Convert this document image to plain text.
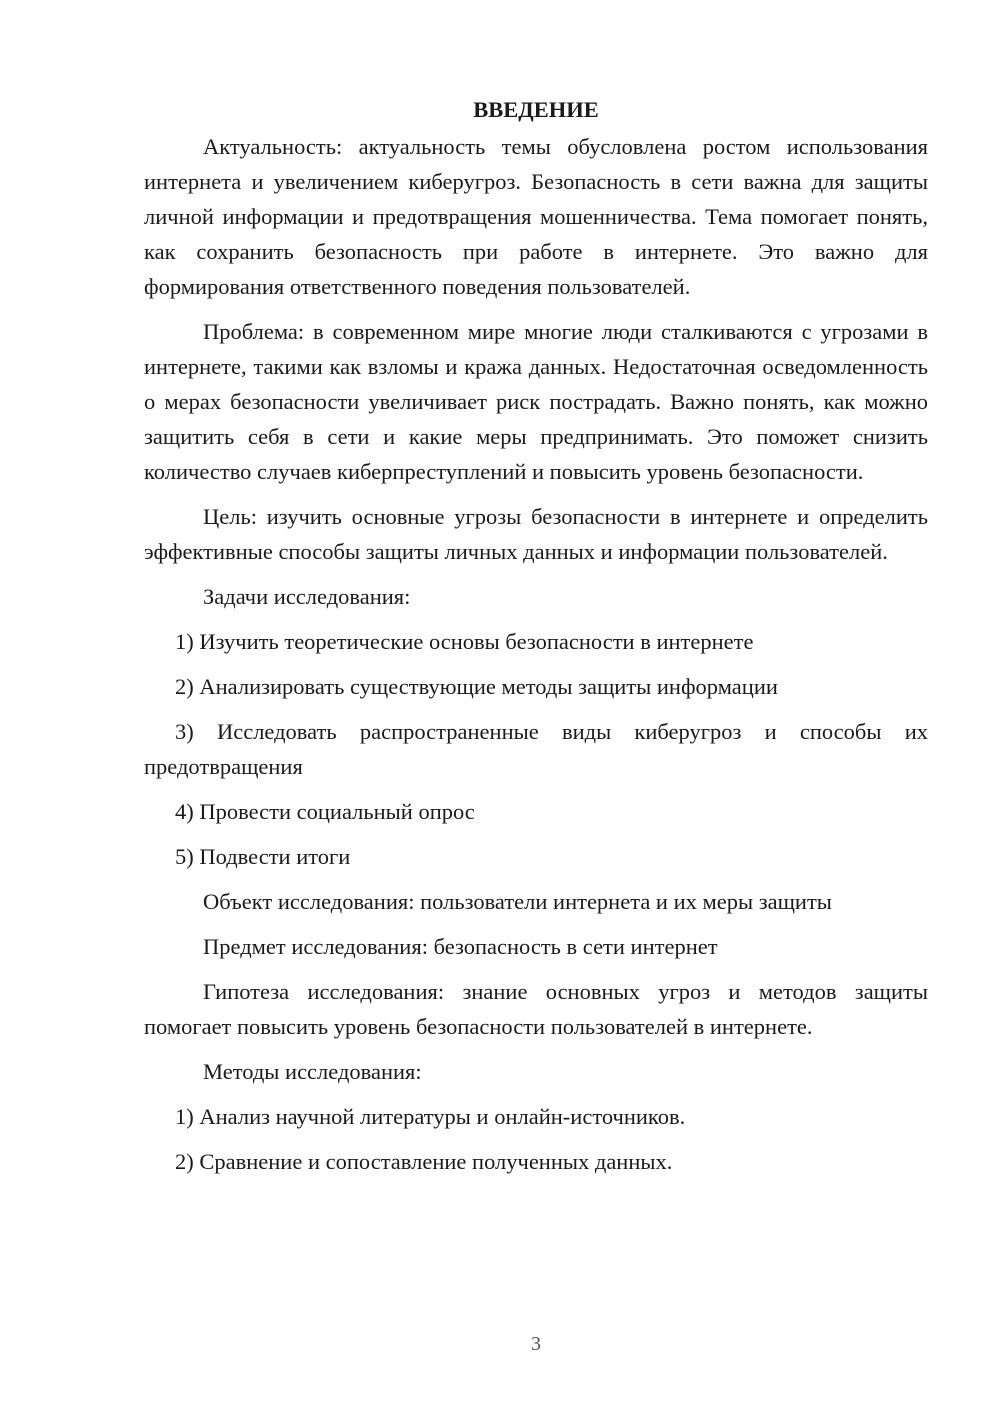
ВВЕДЕНИЕ

Актуальность: актуальность темы обусловлена ростом использования интернета и увеличением киберугроз. Безопасность в сети важна для защиты личной информации и предотвращения мошенничества. Тема помогает понять, как сохранить безопасность при работе в интернете. Это важно для формирования ответственного поведения пользователей.

Проблема: в современном мире многие люди сталкиваются с угрозами в интернете, такими как взломы и кража данных. Недостаточная осведомленность о мерах безопасности увеличивает риск пострадать. Важно понять, как можно защитить себя в сети и какие меры предпринимать. Это поможет снизить количество случаев киберпреступлений и повысить уровень безопасности.

Цель: изучить основные угрозы безопасности в интернете и определить эффективные способы защиты личных данных и информации пользователей.

Задачи исследования:

1) Изучить теоретические основы безопасности в интернете

2) Анализировать существующие методы защиты информации

3) Исследовать распространенные виды киберугроз и способы их предотвращения

4) Провести социальный опрос

5) Подвести итоги

Объект исследования: пользователи интернета и их меры защиты

Предмет исследования: безопасность в сети интернет

Гипотеза исследования: знание основных угроз и методов защиты помогает повысить уровень безопасности пользователей в интернете.

Методы исследования:

1) Анализ научной литературы и онлайн-источников.

2) Сравнение и сопоставление полученных данных.

3
